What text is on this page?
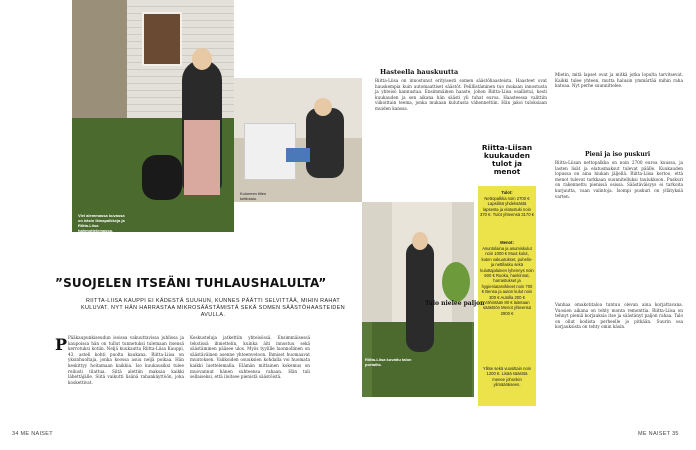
Viel alemmassa kuvassa on käsin liimapalkkeja ja Riitta-Liisa hahmottelemassa.
Kuluneen tiilen keittotalu.
Riitta-Liisa kuvattu talon portailla.
”SUOJELEN ITSEÄNI TUHLAUSHALULTA”
RIITTA-LIISA KAUPPI EI KÄDESTÄ SUUHUN, KUNNES PÄÄTTI SELVITTÄÄ, MIHIN RAHAT KULUVAT. NYT HÄN HARRASTAA MIKROSÄÄSTÄMISTÄ SEKÄ SOMEN SÄÄSTÖHAASTEIDEN AVULLA.
P Pääkaupunkiseudun isoissa vakuuttavissa juhlissa ja kaupoissa hän on tullut tunnetuksi tulemaan itsensä kerrotuksi kotiin. Neljä kuukautta Riitta-Liisa Kauppi, 43, asteli kohti puolta kaukana. Riitta-Liisa on yksinhuoltaja, jonka koossa asuu neljä poikaa. Hän keskittyy hoitamaan kaikkia. Iso kuukausiksi tulee reilusti tilattua. Siitä alettiin maksaa kaikki lähettäjälle. Siitä vaikutti lisänä rahankäyttöön, joka koskettivat.
Keskusteluja jatkettiin yhteisössä. Ensimmäisessä tekstissä ihmettelin, kuinka äiti innostuu sekä säästäminen pääsee ulos. Myös tyylille luonnollinen on säästäväinen asenne yhteenvetoon. Ihmiset huomaavat muutoksen. Valikoiden osuuksien kohdalla voi huomata kaikki luettelemalla. Elämän mittainen kokemus on muovannut hänen suhteensa rahaan. Hän tuli sellaiseksi, että iloitsee pienistä säästöistä.
Hasteella hauskuutta
Riitta-Liisa on innostunut erityisesti somen säästöhaasteista. Haasteet ovat hauskempia kuin automaattiset säästöt. Pelillistäminen tuo mukaan innostusta ja yhteisö kannustaa. Ensimmäinen haaste, johon Riitta-Liisa osallistui, kesti kuukauden ja sen aikana hän säästi yli tuhat euroa. Haasteessa valittiin viikoittain teema, jonka mukaan kulutusta vähennettiin. Hän jakoi tuloksiaan muiden kanssa.
Riitta-Liisan kuukauden tulot ja menot
Tulot:
Nettopalkka noin 2700 € Lapsilisä yhdeksästä lapsesta ja elatustuki noin 370 €. Tulot yhteensä 3170 €
Menot:
Asuntolaina ja asumiskulut noin 1000 € Muut kulut, kuten vakuutukset, puhelin- ja nettilasku sekä kuluttajalainen lyhennys noin 600 € Ruoka, hankinnat, harrastukset ja hygieniatarvikkeet noin 700 € Bensa ja auton kulut noin 300 € Autolla 200 € Vähintään 80 € laitetaan säästöön Menot yhteensä 2900 €
Ylitse sekä vuosittain noin 1200 €. Lisää säästöä menee johonkin ylimääräiseen.
Mietin, mitä lapset ovat ja mitkä jotka lopulta tarvitsevat. Kaikki tulee yhteen, mutta halusin ymmärtää mihin raha katoaa. Nyt perhe suunnittelee.
Pieni ja iso puskuri
Riitta-Liisan nettopalkka on noin 2700 euroa kuussa, ja lasten lisät ja elatusmaksut tulevat päälle. Kuukauden lopussa on aina hiukan jäljellä. Riitta-Liisa kertoo, että menot tulevat tarkkaan suunnitelluksi taulukkoon. Puskuri on rakennettu pienissä osissa. Säästäväisyys ei tarkoita kurjuutta, vaan valintoja. Isompi puskuri on yllätyksiä varten.
Talo nielee paljon	Vanhaa omakotitaloa tuntuu olevan aina korjattavana. Vuosien aikana on tehty monta remonttia. Riitta-Liisa on tehnyt pieniä korjauksia itse ja säästänyt paljon rahaa. Talo on ollut kodista perheelle jo pitkään. Suurin osa korjauksista on tehty omin käsin.
34 ME NAISET	ME NAISET 35
